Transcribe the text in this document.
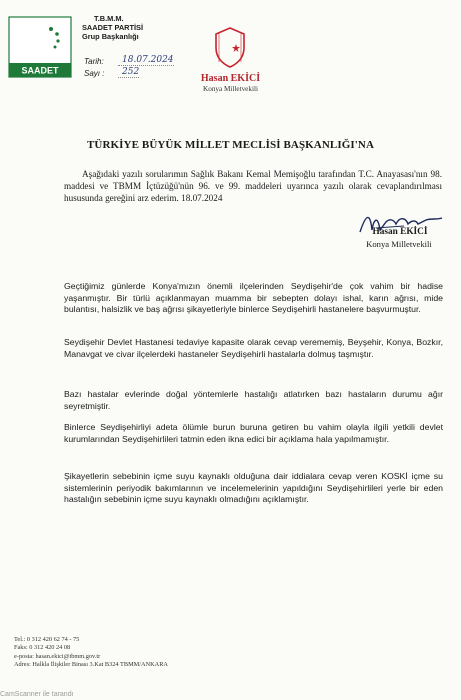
SAADET
T.B.M.M.
SAADET PARTİSİ
Grup Başkanlığı
Tarih:	18.07.2024
Sayı :	252
Hasan EKİCİ
Konya Milletvekili
TÜRKİYE BÜYÜK MİLLET MECLİSİ BAŞKANLIĞI'NA
Aşağıdaki yazılı sorularımın Sağlık Bakanı Kemal Memişoğlu tarafından T.C. Anayasası'nın 98. maddesi ve TBMM İçtüzüğü'nün 96. ve 99. maddeleri uyarınca yazılı olarak cevaplandırılması hususunda gereğini arz ederim. 18.07.2024
Hasan EKİCİ
Konya Milletvekili
Geçtiğimiz günlerde Konya'mızın önemli ilçelerinden Seydişehir'de çok vahim bir hadise yaşanmıştır. Bir türlü açıklanmayan muamma bir sebepten dolayı ishal, karın ağrısı, mide bulantısı, halsizlik ve baş ağrısı şikayetleriyle binlerce Seydişehirli hastanelere başvurmuştur.
Seydişehir Devlet Hastanesi tedaviye kapasite olarak cevap verememiş, Beyşehir, Konya, Bozkır, Manavgat ve civar ilçelerdeki hastaneler Seydişehirli hastalarla dolmuş taşmıştır.
Bazı hastalar evlerinde doğal yöntemlerle hastalığı atlatırken bazı hastaların durumu ağır seyretmiştir.
Binlerce Seydişehirliyi adeta ölümle burun buruna getiren bu vahim olayla ilgili yetkili devlet kurumlarından Seydişehirlileri tatmin eden ikna edici bir açıklama hala yapılmamıştır.
Şikayetlerin sebebinin içme suyu kaynaklı olduğuna dair iddialara cevap veren KOSKİ içme su sistemlerinin periyodik bakımlarının ve incelemelerinin yapıldığını Seydişehirlileri yerle bir eden hastalığın sebebinin içme suyu kaynaklı olmadığını açıklamıştır.
Tel.: 0 312 420 62 74 - 75
Faks: 0 312 420 24 08
e-posta: hasan.ekici@tbmm.gov.tr
Adres: Halkla İlişkiler Binası 3.Kat B324 TBMM/ANKARA
CamScanner ile tarandı
